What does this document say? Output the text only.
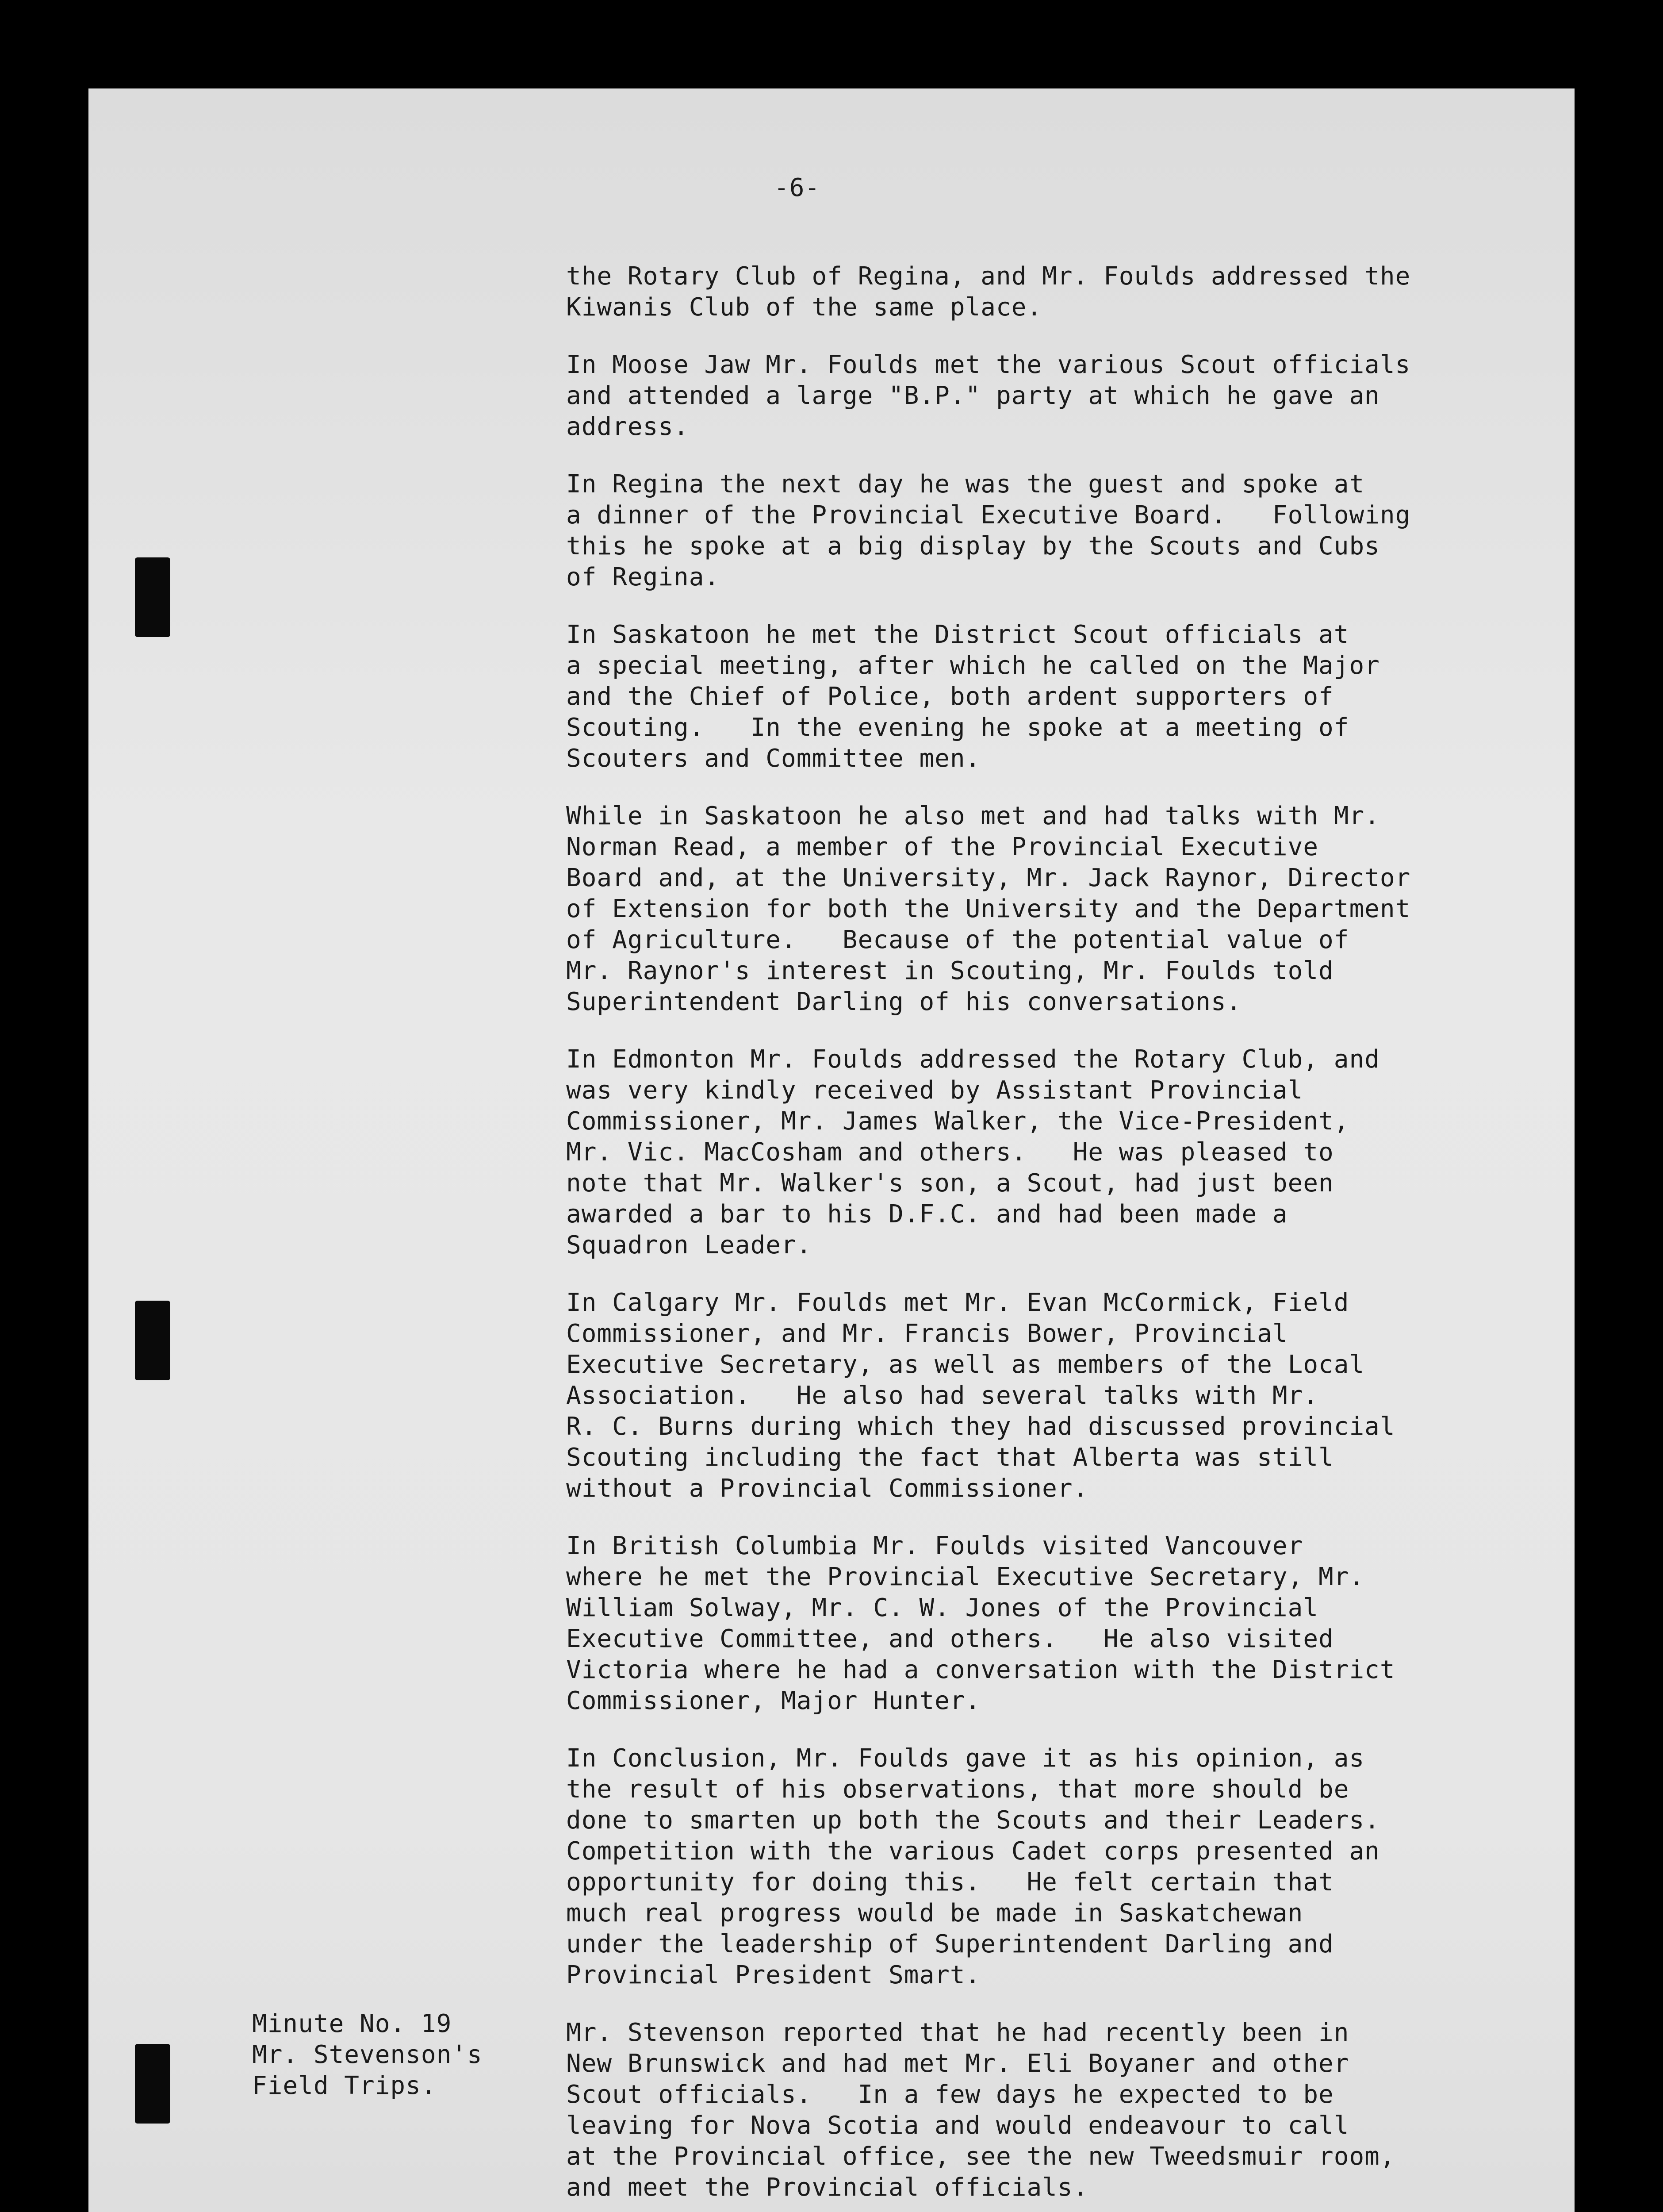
-6-
Minute No. 19
Mr. Stevenson's
Field Trips.

the Rotary Club of Regina, and Mr. Foulds addressed the
Kiwanis Club of the same place.

In Moose Jaw Mr. Foulds met the various Scout officials
and attended a large "B.P." party at which he gave an
address.

In Regina the next day he was the guest and spoke at
a dinner of the Provincial Executive Board.   Following
this he spoke at a big display by the Scouts and Cubs
of Regina.

In Saskatoon he met the District Scout officials at
a special meeting, after which he called on the Major
and the Chief of Police, both ardent supporters of
Scouting.   In the evening he spoke at a meeting of
Scouters and Committee men.

While in Saskatoon he also met and had talks with Mr.
Norman Read, a member of the Provincial Executive
Board and, at the University, Mr. Jack Raynor, Director
of Extension for both the University and the Department
of Agriculture.   Because of the potential value of
Mr. Raynor's interest in Scouting, Mr. Foulds told
Superintendent Darling of his conversations.

In Edmonton Mr. Foulds addressed the Rotary Club, and
was very kindly received by Assistant Provincial
Commissioner, Mr. James Walker, the Vice-President,
Mr. Vic. MacCosham and others.   He was pleased to
note that Mr. Walker's son, a Scout, had just been
awarded a bar to his D.F.C. and had been made a
Squadron Leader.

In Calgary Mr. Foulds met Mr. Evan McCormick, Field
Commissioner, and Mr. Francis Bower, Provincial
Executive Secretary, as well as members of the Local
Association.   He also had several talks with Mr.
R. C. Burns during which they had discussed provincial
Scouting including the fact that Alberta was still
without a Provincial Commissioner.

In British Columbia Mr. Foulds visited Vancouver
where he met the Provincial Executive Secretary, Mr.
William Solway, Mr. C. W. Jones of the Provincial
Executive Committee, and others.   He also visited
Victoria where he had a conversation with the District
Commissioner, Major Hunter.

In Conclusion, Mr. Foulds gave it as his opinion, as
the result of his observations, that more should be
done to smarten up both the Scouts and their Leaders.
Competition with the various Cadet corps presented an
opportunity for doing this.   He felt certain that
much real progress would be made in Saskatchewan
under the leadership of Superintendent Darling and
Provincial President Smart.

Mr. Stevenson reported that he had recently been in
New Brunswick and had met Mr. Eli Boyaner and other
Scout officials.   In a few days he expected to be
leaving for Nova Scotia and would endeavour to call
at the Provincial office, see the new Tweedsmuir room,
and meet the Provincial officials.
